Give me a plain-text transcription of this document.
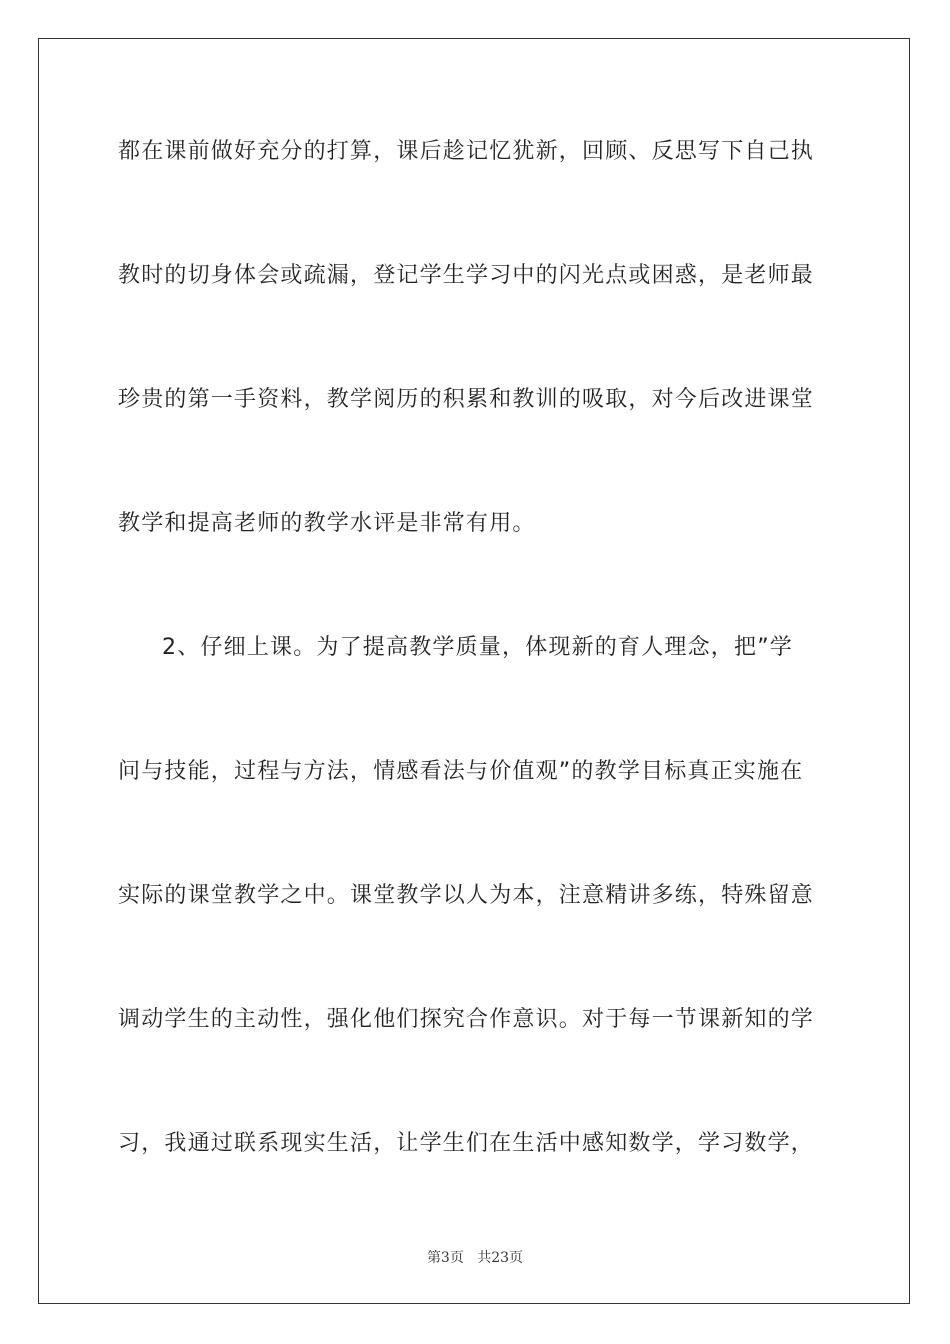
都在课前做好充分的打算，课后趁记忆犹新，回顾、反思写下自己执
教时的切身体会或疏漏，登记学生学习中的闪光点或困惑，是老师最
珍贵的第一手资料，教学阅历的积累和教训的吸取，对今后改进课堂
教学和提高老师的教学水评是非常有用。
2、仔细上课。为了提高教学质量，体现新的育人理念，把”学
问与技能，过程与方法，情感看法与价值观”的教学目标真正实施在
实际的课堂教学之中。课堂教学以人为本，注意精讲多练，特殊留意
调动学生的主动性，强化他们探究合作意识。对于每一节课新知的学
习，我通过联系现实生活，让学生们在生活中感知数学，学习数学，
第3页 共23页
